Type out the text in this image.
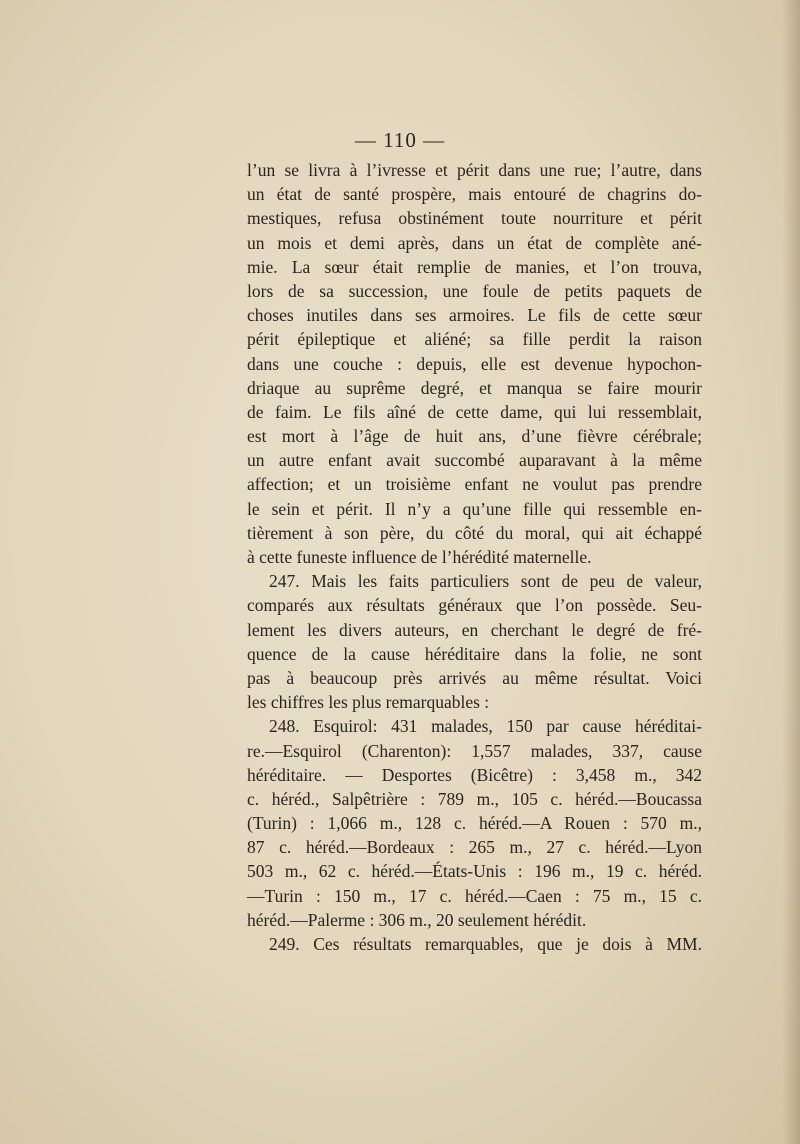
— 110 —
l’un se livra à l’ivresse et périt dans une rue; l’autre, dans
un état de santé prospère, mais entouré de chagrins do-
mestiques, refusa obstinément toute nourriture et périt
un mois et demi après, dans un état de complète ané-
mie. La sœur était remplie de manies, et l’on trouva,
lors de sa succession, une foule de petits paquets de
choses inutiles dans ses armoires. Le fils de cette sœur
périt épileptique et aliéné; sa fille perdit la raison
dans une couche : depuis, elle est devenue hypochon-
driaque au suprême degré, et manqua se faire mourir
de faim. Le fils aîné de cette dame, qui lui ressemblait,
est mort à l’âge de huit ans, d’une fièvre cérébrale;
un autre enfant avait succombé auparavant à la même
affection; et un troisième enfant ne voulut pas prendre
le sein et périt. Il n’y a qu’une fille qui ressemble en-
tièrement à son père, du côté du moral, qui ait échappé
à cette funeste influence de l’hérédité maternelle.
247. Mais les faits particuliers sont de peu de valeur,
comparés aux résultats généraux que l’on possède. Seu-
lement les divers auteurs, en cherchant le degré de fré-
quence de la cause héréditaire dans la folie, ne sont
pas à beaucoup près arrivés au même résultat. Voici
les chiffres les plus remarquables :
248. Esquirol: 431 malades, 150 par cause héréditai-
re.—Esquirol (Charenton): 1,557 malades, 337, cause
héréditaire. — Desportes (Bicêtre) : 3,458 m., 342
c. héréd., Salpêtrière : 789 m., 105 c. héréd.—Boucassa
(Turin) : 1,066 m., 128 c. héréd.—A Rouen : 570 m.,
87 c. héréd.—Bordeaux : 265 m., 27 c. héréd.—Lyon
503 m., 62 c. héréd.—États-Unis : 196 m., 19 c. héréd.
—Turin : 150 m., 17 c. héréd.—Caen : 75 m., 15 c.
héréd.—Palerme : 306 m., 20 seulement hérédit.
249. Ces résultats remarquables, que je dois à MM.
